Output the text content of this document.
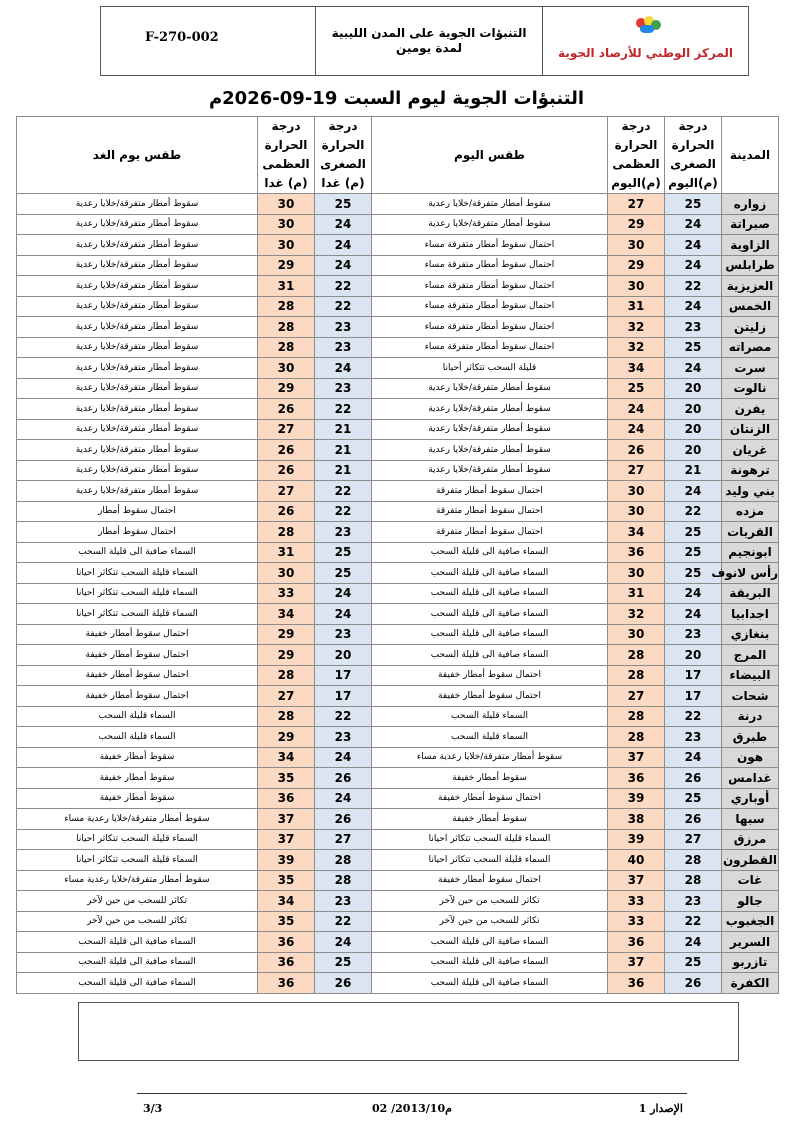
المركز الوطني للأرصاد الجوية
التنبؤات الجوية على المدن الليبية
لمدة يومين
F-270-002
التنبؤات الجوية ليوم السبت 19-09-2026م
المدينة	درجة الحرارة الصغرى (م)اليوم	درجة الحرارة العظمى (م)اليوم	طقس اليوم	درجة الحرارة الصغرى (م) غدا	درجة الحرارة العظمى (م) غدا	طقس يوم الغد
زواره	25	27	سقوط أمطار متفرقة/خلايا رعدية	25	30	سقوط أمطار متفرقة/خلايا رعدية
صبراتة	24	29	سقوط أمطار متفرقة/خلايا رعدية	24	30	سقوط أمطار متفرقة/خلايا رعدية
الزاوية	24	30	احتمال سقوط أمطار متفرقة مساء	24	30	سقوط أمطار متفرقة/خلايا رعدية
طرابلس	24	29	احتمال سقوط أمطار متفرقة مساء	24	29	سقوط أمطار متفرقة/خلايا رعدية
العزيزية	22	30	احتمال سقوط أمطار متفرقة مساء	22	31	سقوط أمطار متفرقة/خلايا رعدية
الخمس	24	31	احتمال سقوط أمطار متفرقة مساء	22	28	سقوط أمطار متفرقة/خلايا رعدية
زليتن	23	32	احتمال سقوط أمطار متفرقة مساء	23	28	سقوط أمطار متفرقة/خلايا رعدية
مصراته	25	32	احتمال سقوط أمطار متفرقة مساء	23	28	سقوط أمطار متفرقة/خلايا رعدية
سرت	24	34	قليلة السحب تتكاثر أحيانا	24	30	سقوط أمطار متفرقة/خلايا رعدية
نالوت	20	25	سقوط أمطار متفرقة/خلايا رعدية	23	29	سقوط أمطار متفرقة/خلايا رعدية
يفرن	20	24	سقوط أمطار متفرقة/خلايا رعدية	22	26	سقوط أمطار متفرقة/خلايا رعدية
الزنتان	20	24	سقوط أمطار متفرقة/خلايا رعدية	21	27	سقوط أمطار متفرقة/خلايا رعدية
غريان	20	26	سقوط أمطار متفرقة/خلايا رعدية	21	26	سقوط أمطار متفرقة/خلايا رعدية
ترهونة	21	27	سقوط أمطار متفرقة/خلايا رعدية	21	26	سقوط أمطار متفرقة/خلايا رعدية
بني وليد	24	30	احتمال سقوط أمطار متفرقة	22	27	سقوط أمطار متفرقة/خلايا رعدية
مزده	22	30	احتمال سقوط أمطار متفرقة	22	26	احتمال سقوط أمطار
القريات	25	34	احتمال سقوط أمطار متفرقة	23	28	احتمال سقوط أمطار
ابونجيم	25	36	السماء صافية الى قليلة السحب	25	31	السماء صافية الى قليلة السحب
رأس لانوف	25	30	السماء صافية الى قليلة السحب	25	30	السماء قليلة السحب تتكاثر احيانا
البريقة	24	31	السماء صافية الى قليلة السحب	24	33	السماء قليلة السحب تتكاثر احيانا
اجدابيا	24	32	السماء صافية الى قليلة السحب	24	34	السماء قليلة السحب تتكاثر احيانا
بنغازي	23	30	السماء صافية الى قليلة السحب	23	29	احتمال سقوط أمطار خفيفة
المرج	20	28	السماء صافية الى قليلة السحب	20	29	احتمال سقوط أمطار خفيفة
البيضاء	17	28	احتمال سقوط أمطار خفيفة	17	28	احتمال سقوط أمطار خفيفة
شحات	17	27	احتمال سقوط أمطار خفيفة	17	27	احتمال سقوط أمطار خفيفة
درنة	22	28	السماء قليلة السحب	22	28	السماء قليلة السحب
طبرق	23	28	السماء قليلة السحب	23	29	السماء قليلة السحب
هون	24	37	سقوط أمطار متفرقة/خلايا رعدية مساء	24	34	سقوط أمطار خفيفة
غدامس	26	36	سقوط أمطار خفيفة	26	35	سقوط أمطار خفيفة
أوباري	25	39	احتمال سقوط أمطار خفيفة	24	36	سقوط أمطار خفيفة
سبها	26	38	سقوط أمطار خفيفة	26	37	سقوط أمطار متفرقة/خلايا رعدية مساء
مرزق	27	39	السماء قليلة السحب تتكاثر احيانا	27	37	السماء قليلة السحب تتكاثر احيانا
القطرون	28	40	السماء قليلة السحب تتكاثر احيانا	28	39	السماء قليلة السحب تتكاثر احيانا
غات	28	37	احتمال سقوط أمطار خفيفة	28	35	سقوط أمطار متفرقة/خلايا رعدية مساء
جالو	23	33	تكاثر للسحب من حين لآخر	23	34	تكاثر للسحب من حين لآخر
الجغبوب	22	33	تكاثر للسحب من حين لآخر	22	35	تكاثر للسحب من حين لآخر
السرير	24	36	السماء صافية الى قليلة السحب	24	36	السماء صافية الى قليلة السحب
تازربو	25	37	السماء صافية الى قليلة السحب	25	36	السماء صافية الى قليلة السحب
الكفرة	26	36	السماء صافية الى قليلة السحب	26	36	السماء صافية الى قليلة السحب
الإصدار 1
02 /2013/10م
3/3
